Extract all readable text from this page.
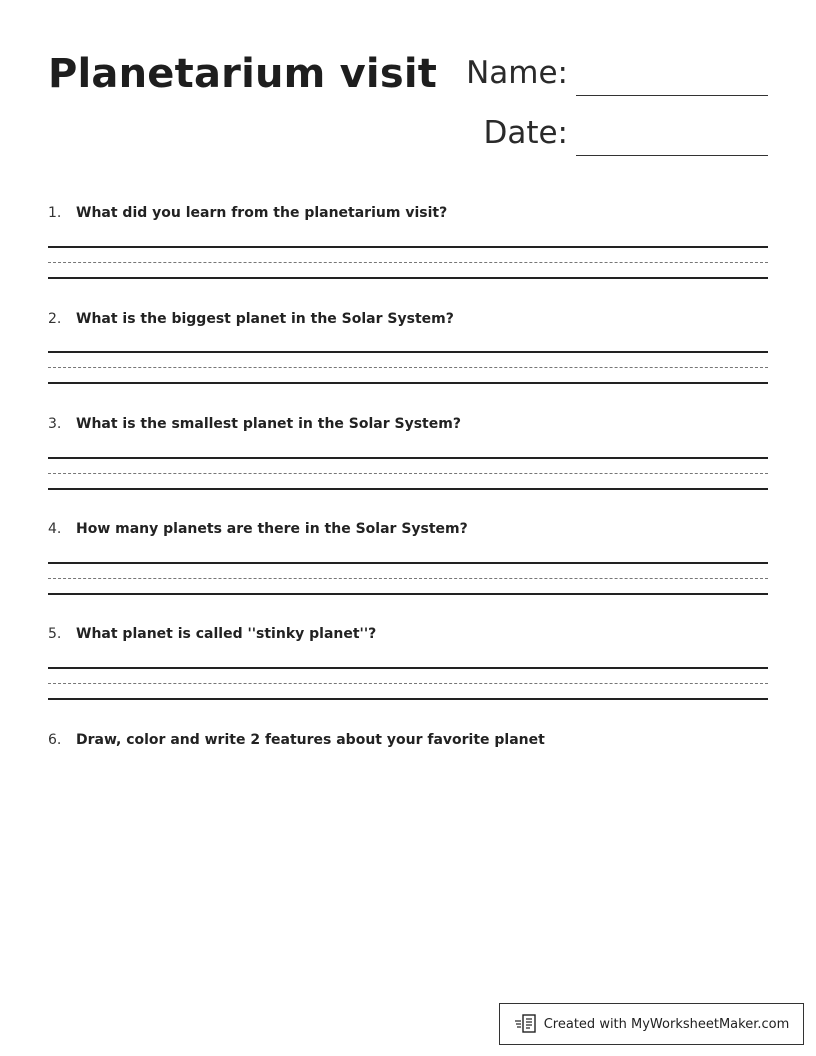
Planetarium visit Name:
Date:
1. What did you learn from the planetarium visit?
2. What is the biggest planet in the Solar System?
3. What is the smallest planet in the Solar System?
4. How many planets are there in the Solar System?
5. What planet is called ''stinky planet''?
6. Draw, color and write 2 features about your favorite planet
Created with MyWorksheetMaker.com
